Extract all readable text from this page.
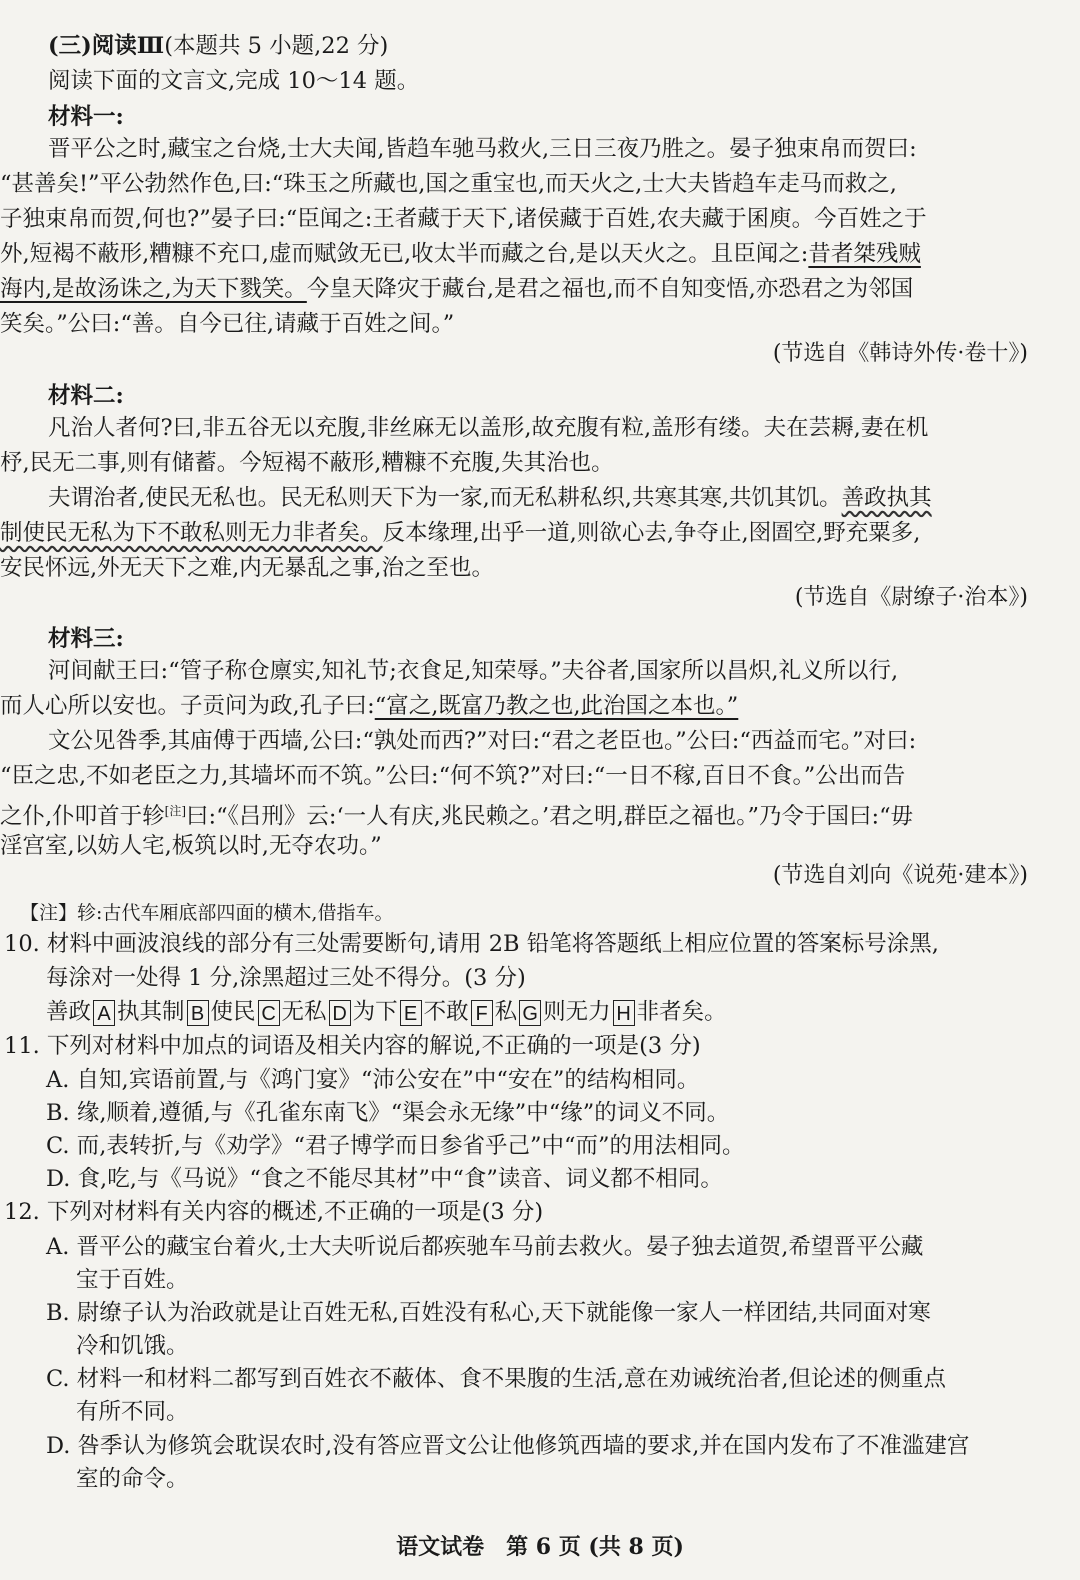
(三)阅读Ⅲ(本题共 5 小题,22 分)
阅读下面的文言文,完成 10～14 题。
材料一:
晋平公之时,藏宝之台烧,士大夫闻,皆趋车驰马救火,三日三夜乃胜之。晏子独束帛而贺曰:
“甚善矣!”平公勃然作色,曰:“珠玉之所藏也,国之重宝也,而天火之,士大夫皆趋车走马而救之,
子独束帛而贺,何也?”晏子曰:“臣闻之:王者藏于天下,诸侯藏于百姓,农夫藏于囷庾。今百姓之于
外,短褐不蔽形,糟糠不充口,虚而赋敛无已,收太半而藏之台,是以天火之。且臣闻之:昔者桀残贼
海内,是故汤诛之,为天下戮笑。今皇天降灾于藏台,是君之福也,而不自知变悟,亦恐君之为邻国
笑矣。”公曰:“善。自今已往,请藏于百姓之间。”
(节选自《韩诗外传·卷十》)
材料二:
凡治人者何?曰,非五谷无以充腹,非丝麻无以盖形,故充腹有粒,盖形有缕。夫在芸耨,妻在机
杼,民无二事,则有储蓄。今短褐不蔽形,糟糠不充腹,失其治也。
夫谓治者,使民无私也。民无私则天下为一家,而无私耕私织,共寒其寒,共饥其饥。善政执其
制使民无私为下不敢私则无力非者矣。反本缘理,出乎一道,则欲心去,争夺止,囹圄空,野充粟多,
安民怀远,外无天下之难,内无暴乱之事,治之至也。
(节选自《尉缭子·治本》)
材料三:
河间献王曰:“管子称仓廪实,知礼节;衣食足,知荣辱。”夫谷者,国家所以昌炽,礼义所以行,
而人心所以安也。子贡问为政,孔子曰:“富之,既富乃教之也,此治国之本也。”
文公见咎季,其庙傅于西墙,公曰:“孰处而西?”对曰:“君之老臣也。”公曰:“西益而宅。”对曰:
“臣之忠,不如老臣之力,其墙坏而不筑。”公曰:“何不筑?”对曰:“一日不稼,百日不食。”公出而告
之仆,仆叩首于轸[注]曰:“《吕刑》云:‘一人有庆,兆民赖之。’君之明,群臣之福也。”乃令于国曰:“毋
淫宫室,以妨人宅,板筑以时,无夺农功。”
(节选自刘向《说苑·建本》)
【注】轸:古代车厢底部四面的横木,借指车。
10. 材料中画波浪线的部分有三处需要断句,请用 2B 铅笔将答题纸上相应位置的答案标号涂黑,
每涂对一处得 1 分,涂黑超过三处不得分。(3 分)
善政 A 执其制 B 使民 C 无私 D 为下 E 不敢 F 私 G 则无力 H 非者矣。
11. 下列对材料中加点的词语及相关内容的解说,不正确的一项是(3 分)
A. 自知,宾语前置,与《鸿门宴》“沛公安在”中“安在”的结构相同。
B. 缘,顺着,遵循,与《孔雀东南飞》“渠会永无缘”中“缘”的词义不同。
C. 而,表转折,与《劝学》“君子博学而日参省乎己”中“而”的用法相同。
D. 食,吃,与《马说》“食之不能尽其材”中“食”读音、词义都不相同。
12. 下列对材料有关内容的概述,不正确的一项是(3 分)
A. 晋平公的藏宝台着火,士大夫听说后都疾驰车马前去救火。晏子独去道贺,希望晋平公藏
宝于百姓。
B. 尉缭子认为治政就是让百姓无私,百姓没有私心,天下就能像一家人一样团结,共同面对寒
冷和饥饿。
C. 材料一和材料二都写到百姓衣不蔽体、食不果腹的生活,意在劝诫统治者,但论述的侧重点
有所不同。
D. 咎季认为修筑会耽误农时,没有答应晋文公让他修筑西墙的要求,并在国内发布了不准滥建宫
室的命令。
语文试卷　第 6 页 (共 8 页)
